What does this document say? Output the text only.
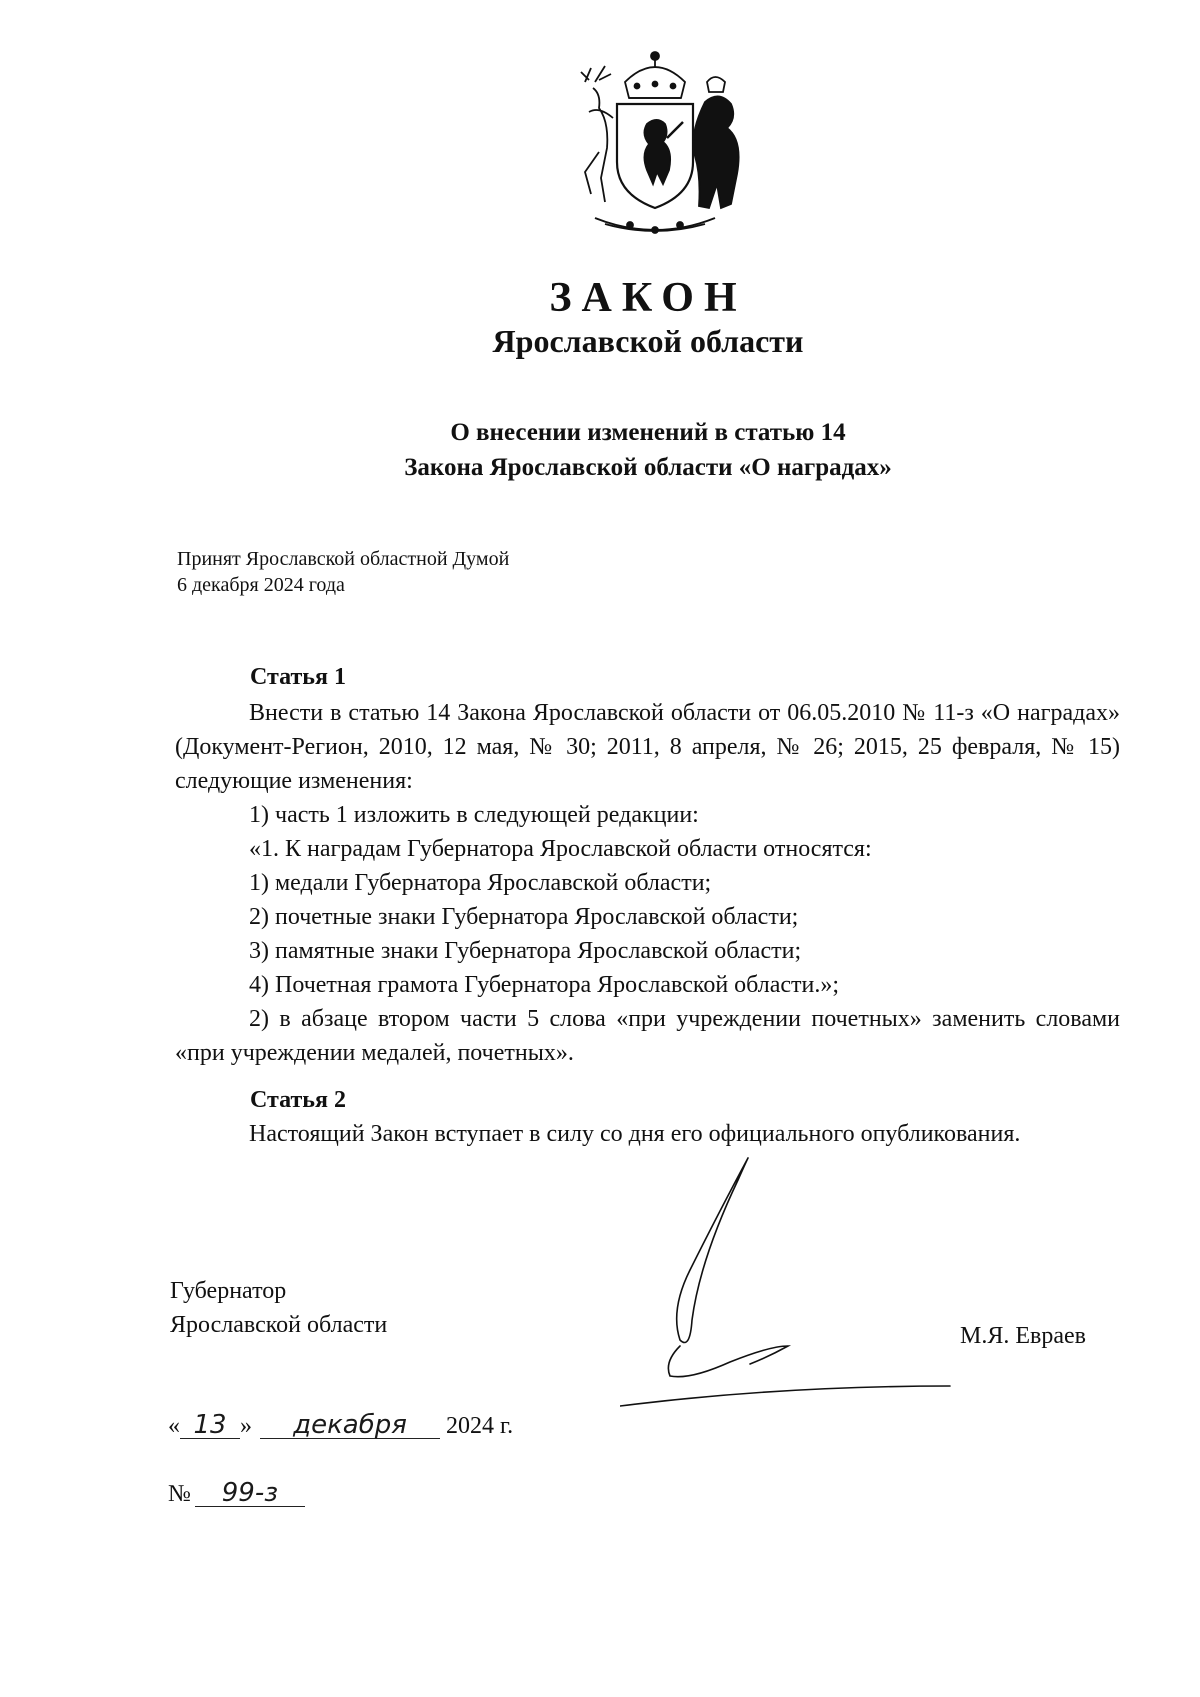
ЗАКОН
Ярославской области
О внесении изменений в статью 14
Закона Ярославской области «О наградах»
Принят Ярославской областной Думой
6 декабря 2024 года
Статья 1

Внести в статью 14 Закона Ярославской области от 06.05.2010 № 11-з «О наградах» (Документ-Регион, 2010, 12 мая, № 30; 2011, 8 апреля, № 26; 2015, 25 февраля, № 15) следующие изменения:

1) часть 1 изложить в следующей редакции:

«1. К наградам Губернатора Ярославской области относятся:

1) медали Губернатора Ярославской области;

2) почетные знаки Губернатора Ярославской области;

3) памятные знаки Губернатора Ярославской области;

4) Почетная грамота Губернатора Ярославской области.»;

2) в абзаце втором части 5 слова «при учреждении почетных» заменить словами «при учреждении медалей, почетных».

Статья 2

Настоящий Закон вступает в силу со дня его официального опубликования.

Губернатор
Ярославской области	М.Я. Евраев
« 13 » декабря 2024 г.
№ 99-з
